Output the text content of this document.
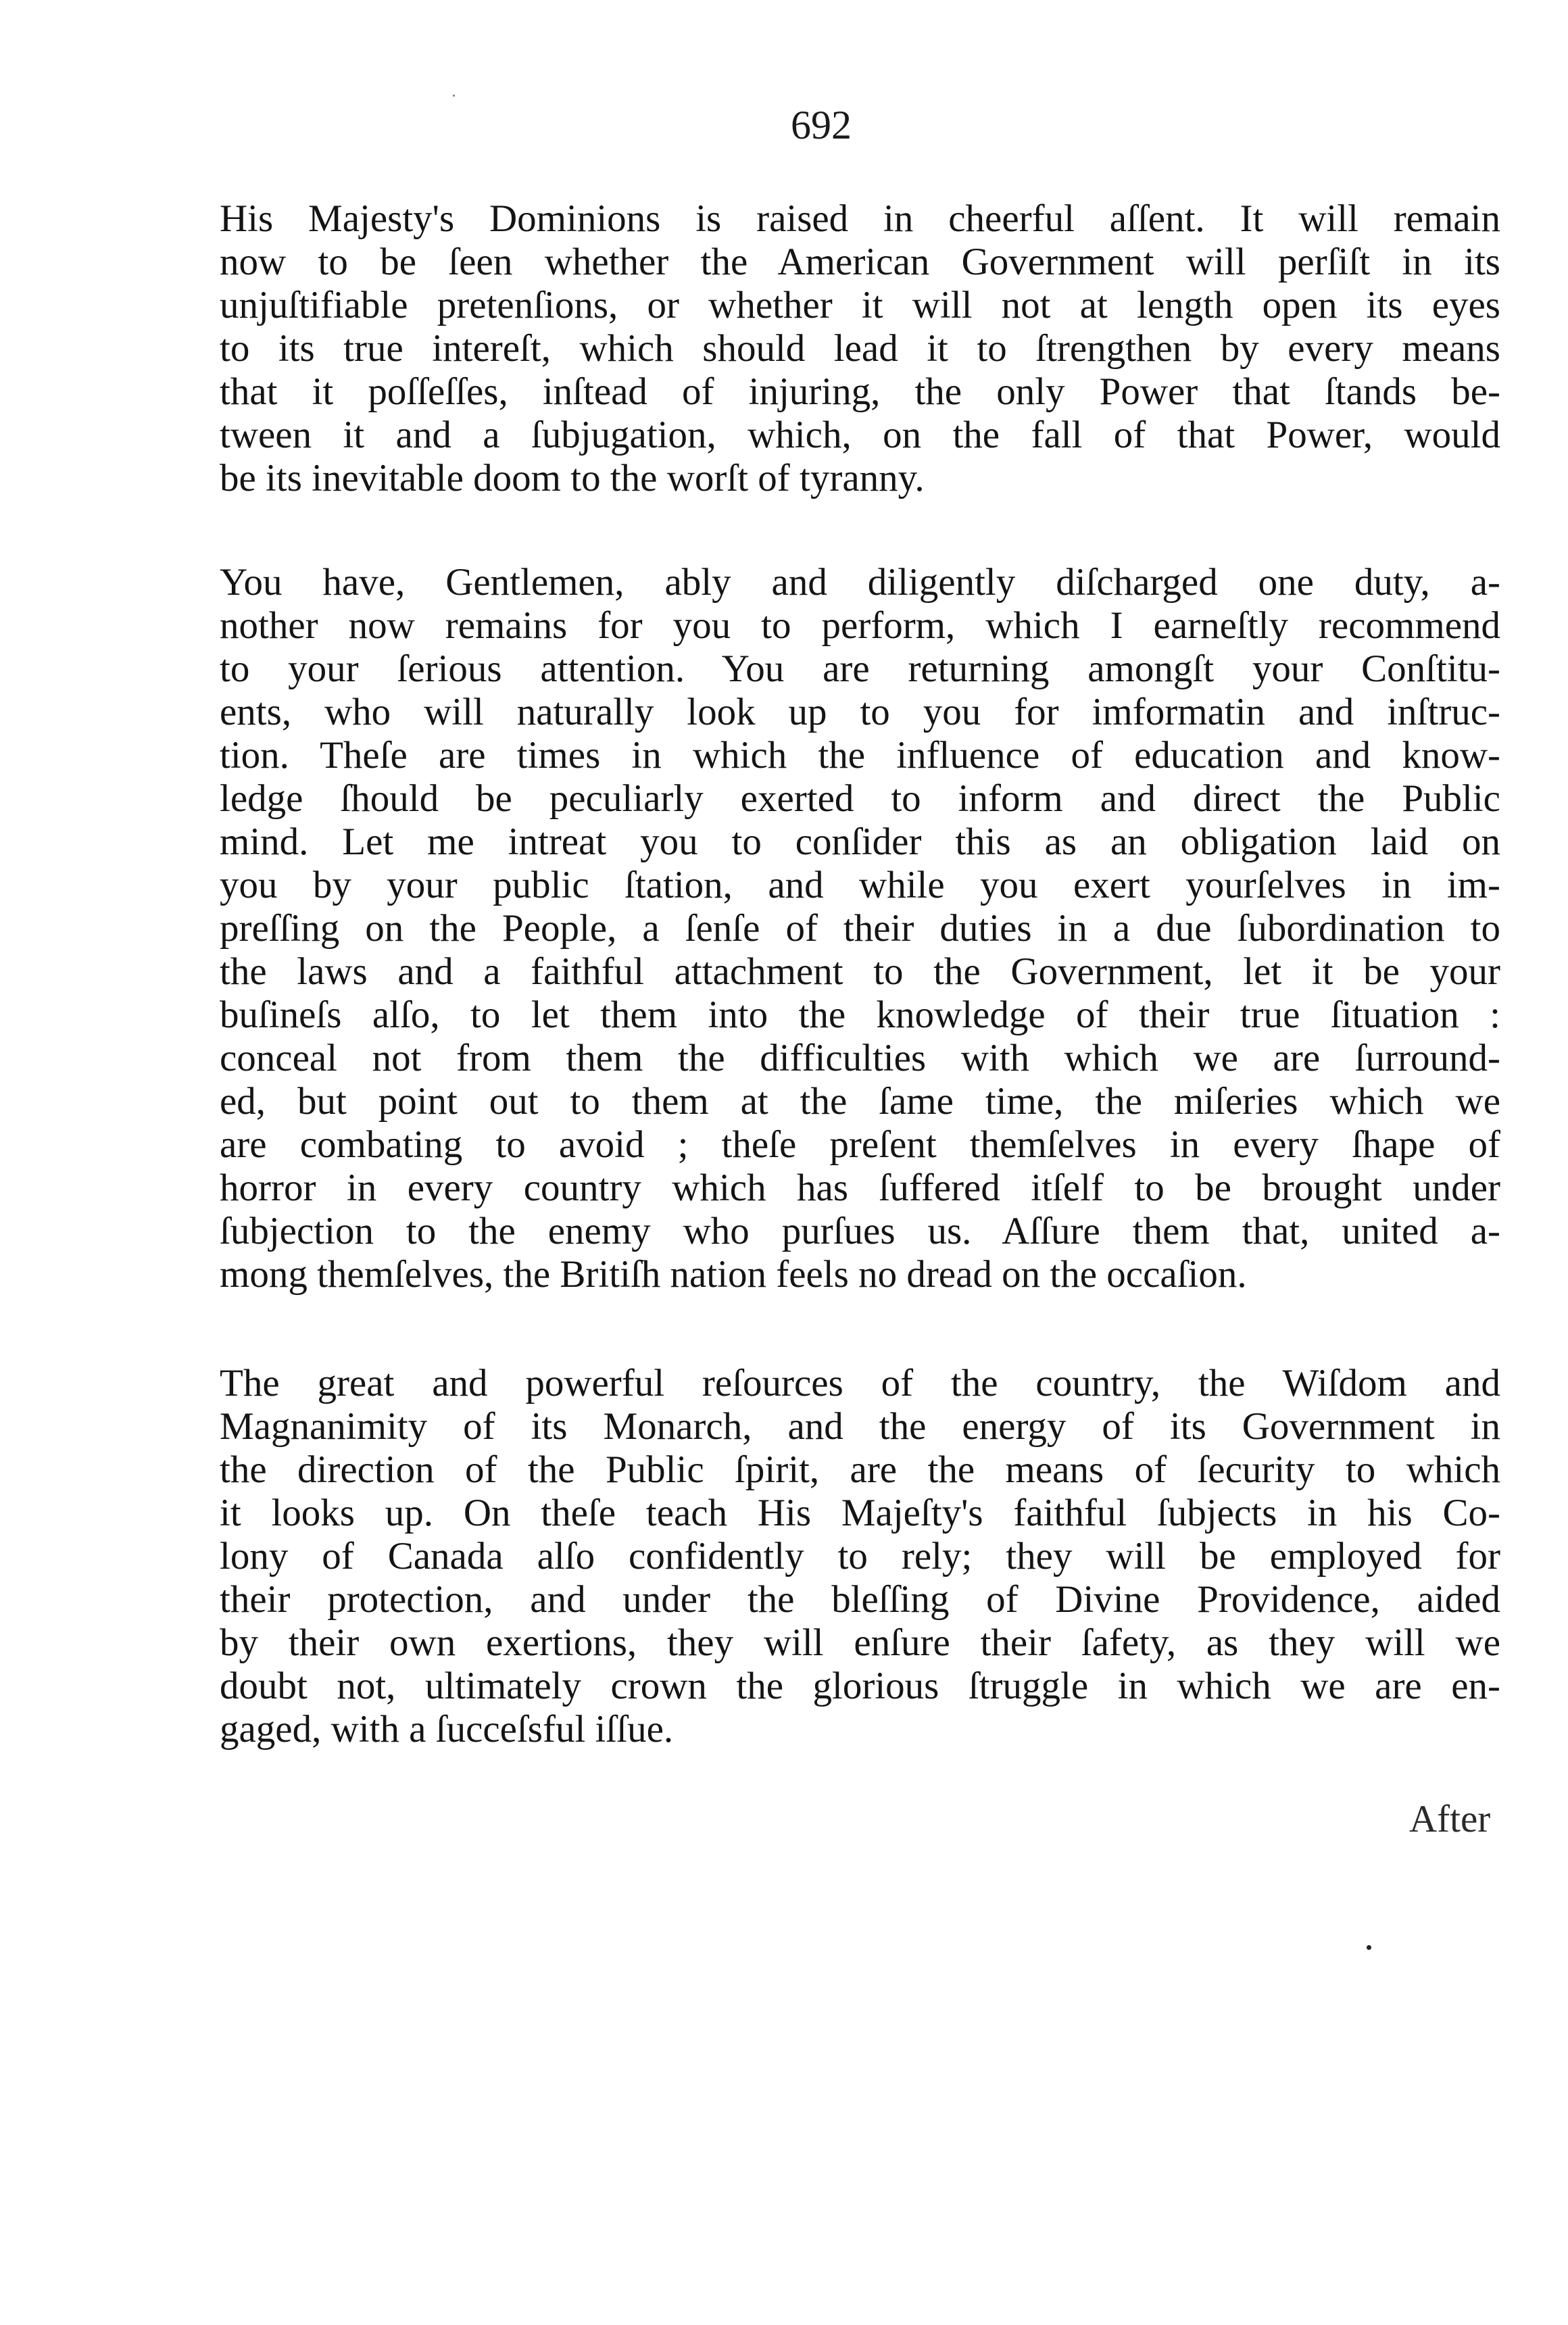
692
His Majesty's Dominions is raised in cheerful aſſent. It will remain
now to be ſeen whether the American Government will perſiſt in its
unjuſtifiable pretenſions, or whether it will not at length open its eyes
to its true intereſt, which should lead it to ſtrengthen by every means
that it poſſeſſes, inſtead of injuring, the only Power that ſtands be-
tween it and a ſubjugation, which, on the fall of that Power, would
be its inevitable doom to the worſt of tyranny.
You have, Gentlemen, ably and diligently diſcharged one duty, a-
nother now remains for you to perform, which I earneſtly recommend
to your ſerious attention. You are returning amongſt your Conſtitu-
ents, who will naturally look up to you for imformatin and inſtruc-
tion. Theſe are times in which the influence of education and know-
ledge ſhould be peculiarly exerted to inform and direct the Public
mind. Let me intreat you to conſider this as an obligation laid on
you by your public ſtation, and while you exert yourſelves in im-
preſſing on the People, a ſenſe of their duties in a due ſubordination to
the laws and a faithful attachment to the Government, let it be your
buſineſs alſo, to let them into the knowledge of their true ſituation :
conceal not from them the difficulties with which we are ſurround-
ed, but point out to them at the ſame time, the miſeries which we
are combating to avoid ; theſe preſent themſelves in every ſhape of
horror in every country which has ſuffered itſelf to be brought under
ſubjection to the enemy who purſues us. Aſſure them that, united a-
mong themſelves, the Britiſh nation feels no dread on the occaſion.
The great and powerful reſources of the country, the Wiſdom and
Magnanimity of its Monarch, and the energy of its Government in
the direction of the Public ſpirit, are the means of ſecurity to which
it looks up. On theſe teach His Majeſty's faithful ſubjects in his Co-
lony of Canada alſo confidently to rely; they will be employed for
their protection, and under the bleſſing of Divine Providence, aided
by their own exertions, they will enſure their ſafety, as they will we
doubt not, ultimately crown the glorious ſtruggle in which we are en-
gaged, with a ſucceſsful iſſue.
After
